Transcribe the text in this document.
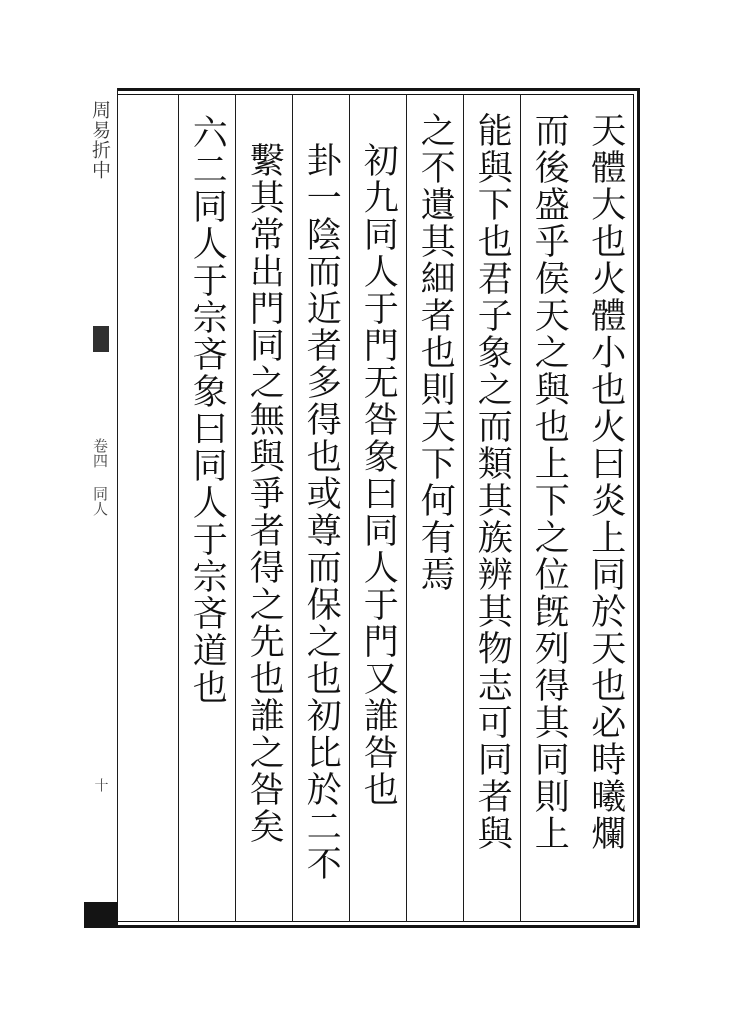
周易折中
卷四 同人
十	天體大也火體小也火曰炎上同於天也必時曦爛
而後盛乎侯天之與也上下之位旣列得其同則上
能與下也君子象之而類其族辨其物志可同者與
之不遺其細者也則天下何有焉
初九同人于門无咎象曰同人于門又誰咎也
卦一陰而近者多得也或尊而保之也初比於二不
繫其常出門同之無與爭者得之先也誰之咎矣
六二同人于宗吝象曰同人于宗吝道也
